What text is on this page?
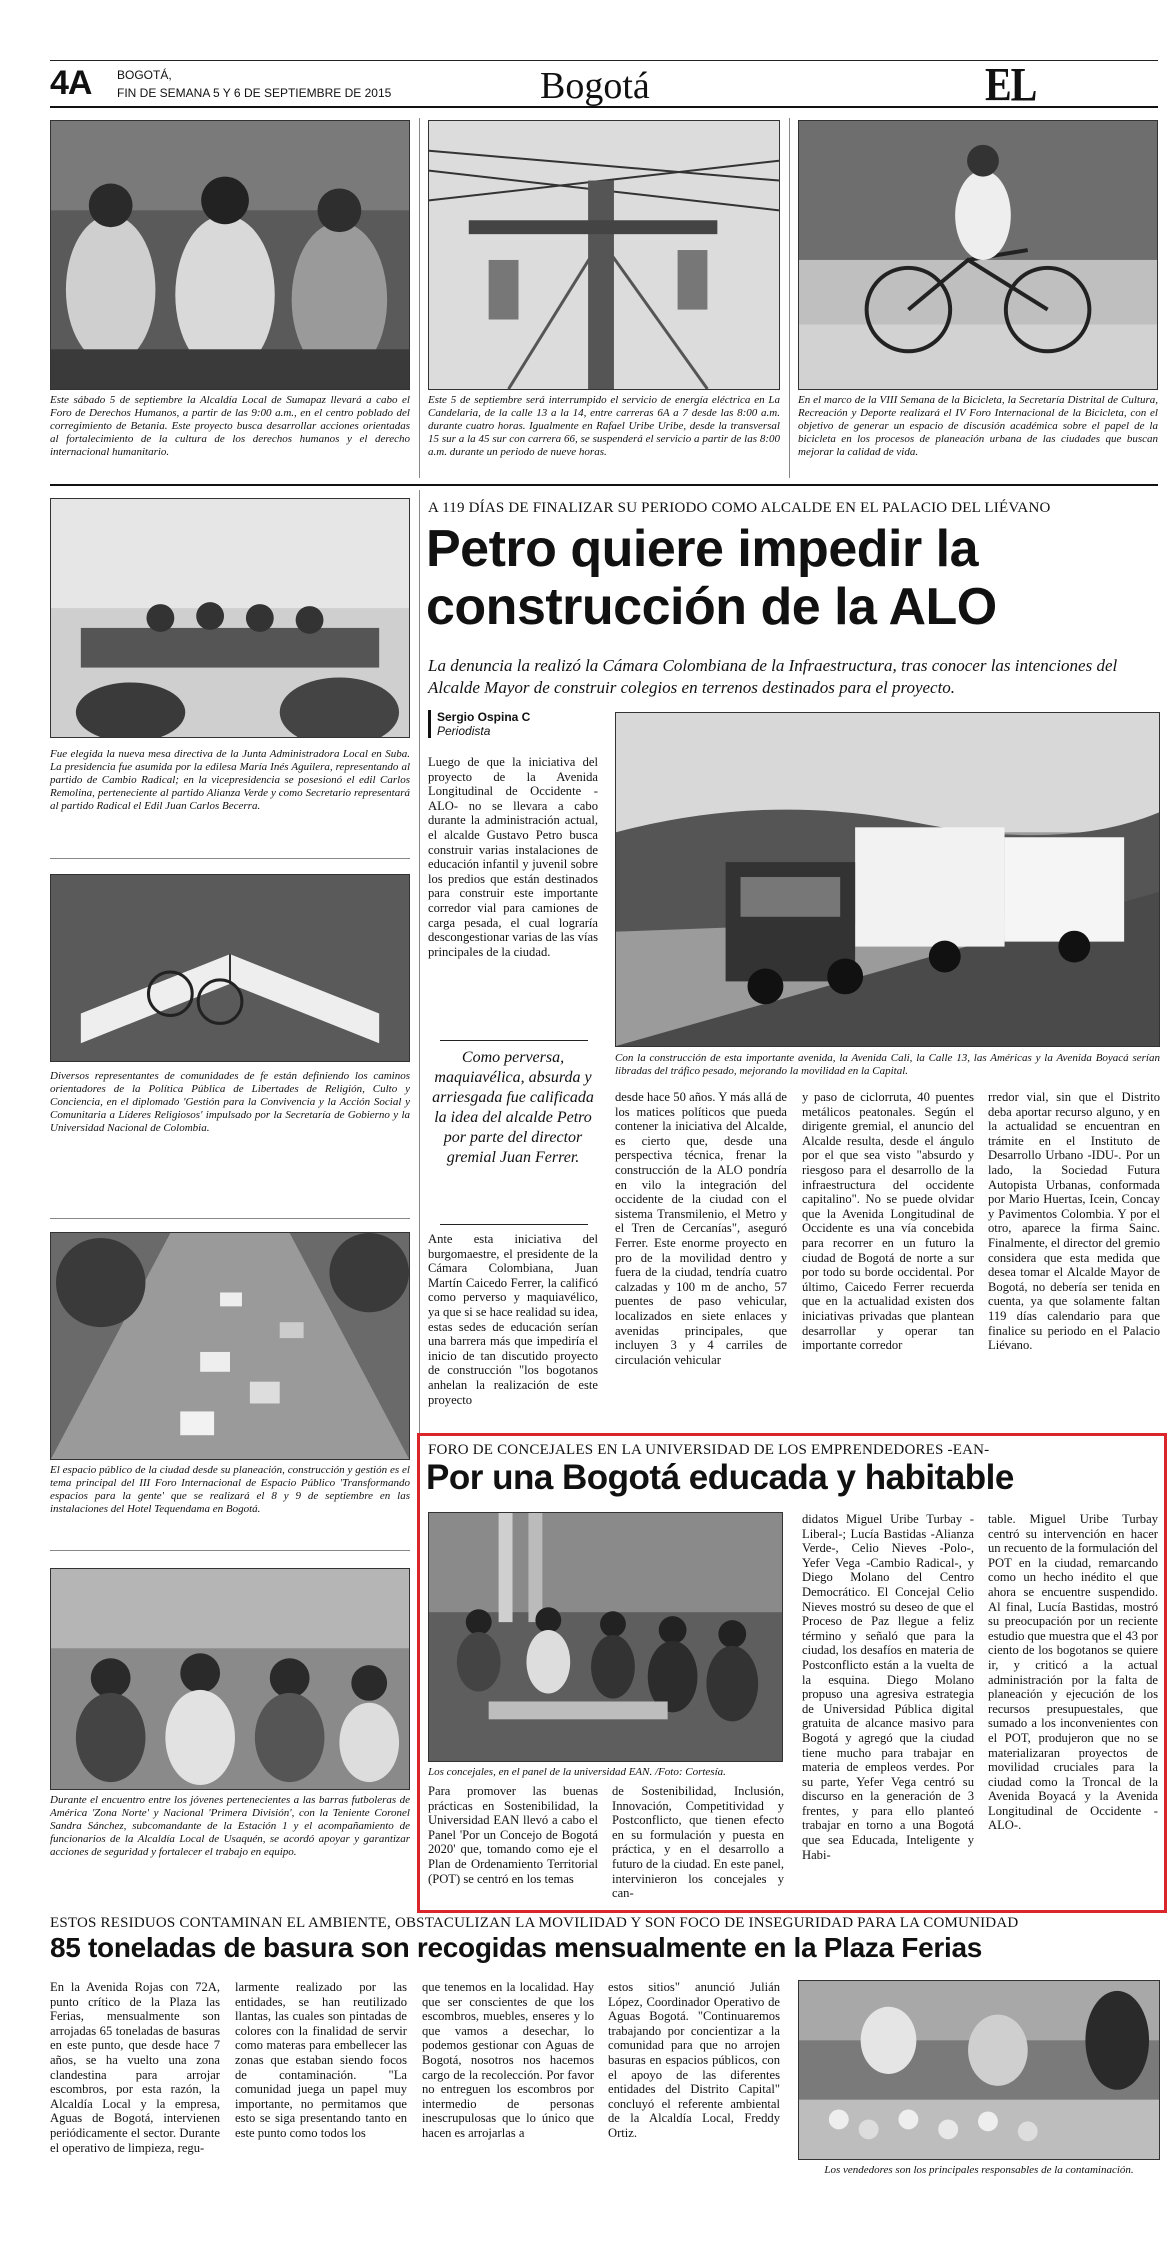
4A BOGOTÁ,
FIN DE SEMANA 5 Y 6 DE SEPTIEMBRE DE 2015	Bogotá	EL
Este sábado 5 de septiembre la Alcaldía Local de Sumapaz llevará a cabo el Foro de Derechos Humanos, a partir de las 9:00 a.m., en el centro poblado del corregimiento de Betania. Este proyecto busca desarrollar acciones orientadas al fortalecimiento de la cultura de los derechos humanos y el derecho internacional humanitario.
Este 5 de septiembre será interrumpido el servicio de energía eléctrica en La Candelaria, de la calle 13 a la 14, entre carreras 6A a 7 desde las 8:00 a.m. durante cuatro horas. Igualmente en Rafael Uribe Uribe, desde la transversal 15 sur a la 45 sur con carrera 66, se suspenderá el servicio a partir de las 8:00 a.m. durante un periodo de nueve horas.
En el marco de la VIII Semana de la Bicicleta, la Secretaría Distrital de Cultura, Recreación y Deporte realizará el IV Foro Internacional de la Bicicleta, con el objetivo de generar un espacio de discusión académica sobre el papel de la bicicleta en los procesos de planeación urbana de las ciudades que buscan mejorar la calidad de vida.
Fue elegida la nueva mesa directiva de la Junta Administradora Local en Suba. La presidencia fue asumida por la edilesa María Inés Aguilera, representando al partido de Cambio Radical; en la vicepresidencia se posesionó el edil Carlos Remolina, perteneciente al partido Alianza Verde y como Secretario representará al partido Radical el Edil Juan Carlos Becerra.
Diversos representantes de comunidades de fe están definiendo los caminos orientadores de la Política Pública de Libertades de Religión, Culto y Conciencia, en el diplomado 'Gestión para la Convivencia y la Acción Social y Comunitaria a Líderes Religiosos' impulsado por la Secretaría de Gobierno y la Universidad Nacional de Colombia.
El espacio público de la ciudad desde su planeación, construcción y gestión es el tema principal del III Foro Internacional de Espacio Público 'Transformando espacios para la gente' que se realizará el 8 y 9 de septiembre en las instalaciones del Hotel Tequendama en Bogotá.
Durante el encuentro entre los jóvenes pertenecientes a las barras futboleras de América 'Zona Norte' y Nacional 'Primera División', con la Teniente Coronel Sandra Sánchez, subcomandante de la Estación 1 y el acompañamiento de funcionarios de la Alcaldía Local de Usaquén, se acordó apoyar y garantizar acciones de seguridad y fortalecer el trabajo en equipo.
A 119 DÍAS DE FINALIZAR SU PERIODO COMO ALCALDE EN EL PALACIO DEL LIÉVANO
Petro quiere impedir la
construcción de la ALO
La denuncia la realizó la Cámara Colombiana de la Infraestructura, tras conocer las intenciones del Alcalde Mayor de construir colegios en terrenos destinados para el proyecto.
Sergio Ospina C
Periodista
Luego de que la iniciativa del proyecto de la Avenida Longitudinal de Occidente -ALO- no se llevara a cabo durante la administración actual, el alcalde Gustavo Petro busca construir varias instalaciones de educación infantil y juvenil sobre los predios que están destinados para construir este importante corredor vial para camiones de carga pesada, el cual lograría descongestionar varias de las vías principales de la ciudad.
Como perversa, maquiavélica, absurda y arriesgada fue calificada la idea del alcalde Petro por parte del director gremial Juan Ferrer.
Ante esta iniciativa del burgomaestre, el presidente de la Cámara Colombiana, Juan Martín Caicedo Ferrer, la calificó como perverso y maquiavélico, ya que si se hace realidad su idea, estas sedes de educación serían una barrera más que impediría el inicio de tan discutido proyecto de construcción "los bogotanos anhelan la realización de este proyecto
Con la construcción de esta importante avenida, la Avenida Cali, la Calle 13, las Américas y la Avenida Boyacá serían libradas del tráfico pesado, mejorando la movilidad en la Capital.
desde hace 50 años. Y más allá de los matices políticos que pueda contener la iniciativa del Alcalde, es cierto que, desde una perspectiva técnica, frenar la construcción de la ALO pondría en vilo la integración del occidente de la ciudad con el sistema Transmilenio, el Metro y el Tren de Cercanías", aseguró Ferrer. Este enorme proyecto en pro de la movilidad dentro y fuera de la ciudad, tendría cuatro calzadas y 100 m de ancho, 57 puentes de paso vehicular, localizados en siete enlaces y avenidas principales, que incluyen 3 y 4 carriles de circulación vehicular
y paso de ciclorruta, 40 puentes metálicos peatonales. Según el dirigente gremial, el anuncio del Alcalde resulta, desde el ángulo por el que sea visto "absurdo y riesgoso para el desarrollo de la infraestructura del occidente capitalino". No se puede olvidar que la Avenida Longitudinal de Occidente es una vía concebida para recorrer en un futuro la ciudad de Bogotá de norte a sur por todo su borde occidental. Por último, Caicedo Ferrer recuerda que en la actualidad existen dos iniciativas privadas que plantean desarrollar y operar tan importante corredor
rredor vial, sin que el Distrito deba aportar recurso alguno, y en la actualidad se encuentran en trámite en el Instituto de Desarrollo Urbano -IDU-. Por un lado, la Sociedad Futura Autopista Urbanas, conformada por Mario Huertas, Icein, Concay y Pavimentos Colombia. Y por el otro, aparece la firma Sainc. Finalmente, el director del gremio considera que esta medida que desea tomar el Alcalde Mayor de Bogotá, no debería ser tenida en cuenta, ya que solamente faltan 119 días calendario para que finalice su periodo en el Palacio Liévano.
FORO DE CONCEJALES EN LA UNIVERSIDAD DE LOS EMPRENDEDORES -EAN-
Por una Bogotá educada y habitable
Los concejales, en el panel de la universidad EAN. /Foto: Cortesía.
Para promover las buenas prácticas en Sostenibilidad, la Universidad EAN llevó a cabo el Panel 'Por un Concejo de Bogotá 2020' que, tomando como eje el Plan de Ordenamiento Territorial (POT) se centró en los temas
de Sostenibilidad, Inclusión, Innovación, Competitividad y Postconflicto, que tienen efecto en su formulación y puesta en práctica, y en el desarrollo a futuro de la ciudad. En este panel, intervinieron los concejales y can-
didatos Miguel Uribe Turbay -Liberal-; Lucía Bastidas -Alianza Verde-, Celio Nieves -Polo-, Yefer Vega -Cambio Radical-, y Diego Molano del Centro Democrático. El Concejal Celio Nieves mostró su deseo de que el Proceso de Paz llegue a feliz término y señaló que para la ciudad, los desafíos en materia de Postconflicto están a la vuelta de la esquina. Diego Molano propuso una agresiva estrategia de Universidad Pública digital gratuita de alcance masivo para Bogotá y agregó que la ciudad tiene mucho para trabajar en materia de empleos verdes. Por su parte, Yefer Vega centró su discurso en la generación de 3 frentes, y para ello planteó trabajar en torno a una Bogotá que sea Educada, Inteligente y Habi-
table. Miguel Uribe Turbay centró su intervención en hacer un recuento de la formulación del POT en la ciudad, remarcando como un hecho inédito el que ahora se encuentre suspendido. Al final, Lucía Bastidas, mostró su preocupación por un reciente estudio que muestra que el 43 por ciento de los bogotanos se quiere ir, y criticó a la actual administración por la falta de planeación y ejecución de los recursos presupuestales, que sumado a los inconvenientes con el POT, produjeron que no se materializaran proyectos de movilidad cruciales para la ciudad como la Troncal de la Avenida Boyacá y la Avenida Longitudinal de Occidente -ALO-.
ESTOS RESIDUOS CONTAMINAN EL AMBIENTE, OBSTACULIZAN LA MOVILIDAD Y SON FOCO DE INSEGURIDAD PARA LA COMUNIDAD
85 toneladas de basura son recogidas mensualmente en la Plaza Ferias
En la Avenida Rojas con 72A, punto crítico de la Plaza las Ferias, mensualmente son arrojadas 65 toneladas de basuras en este punto, que desde hace 7 años, se ha vuelto una zona clandestina para arrojar escombros, por esta razón, la Alcaldía Local y la empresa, Aguas de Bogotá, intervienen periódicamente el sector. Durante el operativo de limpieza, regu-
larmente realizado por las entidades, se han reutilizado llantas, las cuales son pintadas de colores con la finalidad de servir como materas para embellecer las zonas que estaban siendo focos de contaminación. "La comunidad juega un papel muy importante, no permitamos que esto se siga presentando tanto en este punto como todos los
que tenemos en la localidad. Hay que ser conscientes de que los escombros, muebles, enseres y lo que vamos a desechar, lo podemos gestionar con Aguas de Bogotá, nosotros nos hacemos cargo de la recolección. Por favor no entreguen los escombros por intermedio de personas inescrupulosas que lo único que hacen es arrojarlas a
estos sitios" anunció Julián López, Coordinador Operativo de Aguas Bogotá. "Continuaremos trabajando por concientizar a la comunidad para que no arrojen basuras en espacios públicos, con el apoyo de las diferentes entidades del Distrito Capital" concluyó el referente ambiental de la Alcaldía Local, Freddy Ortiz.
Los vendedores son los principales responsables de la contaminación.
